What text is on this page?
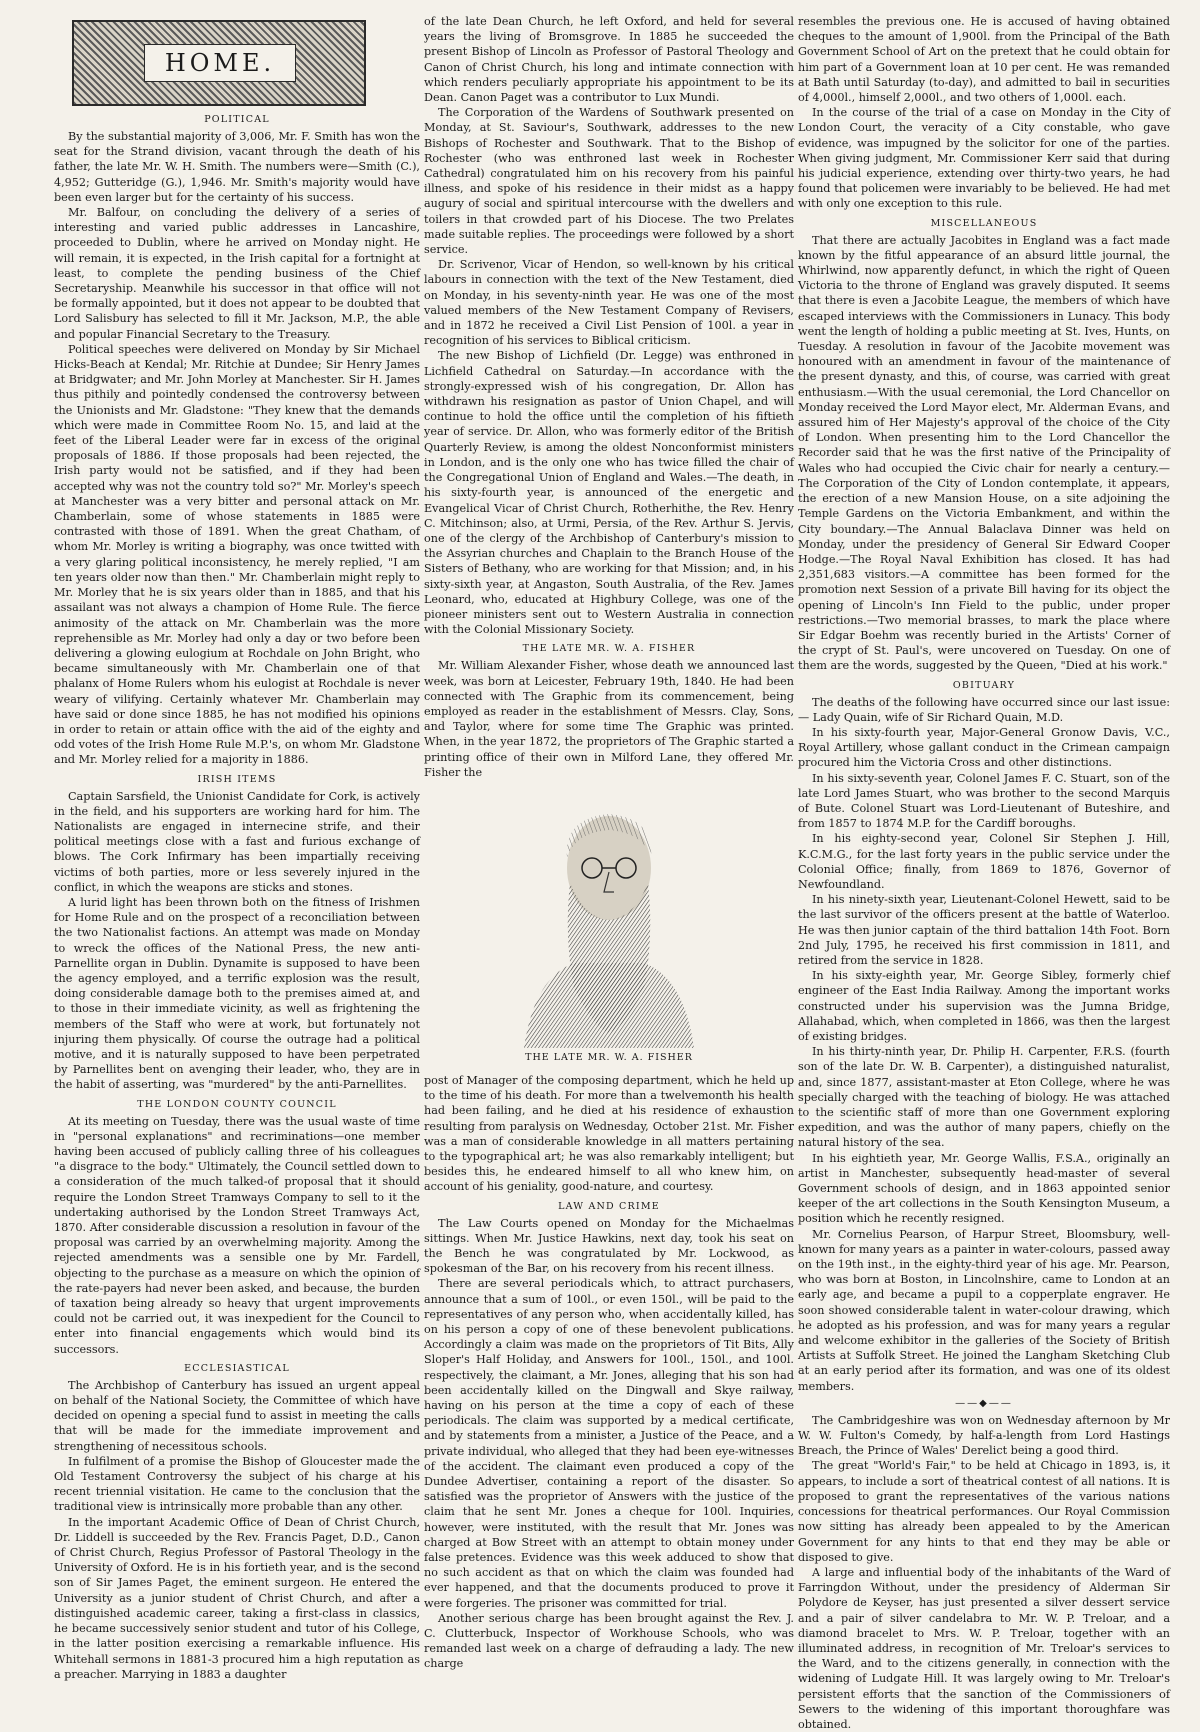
HOME.
POLITICAL

By the substantial majority of 3,006, Mr. F. Smith has won the seat for the Strand division, vacant through the death of his father, the late Mr. W. H. Smith. The numbers were—Smith (C.), 4,952; Gutteridge (G.), 1,946. Mr. Smith's majority would have been even larger but for the certainty of his success.

Mr. Balfour, on concluding the delivery of a series of interesting and varied public addresses in Lancashire, proceeded to Dublin, where he arrived on Monday night. He will remain, it is expected, in the Irish capital for a fortnight at least, to complete the pending business of the Chief Secretaryship. Meanwhile his successor in that office will not be formally appointed, but it does not appear to be doubted that Lord Salisbury has selected to fill it Mr. Jackson, M.P., the able and popular Financial Secretary to the Treasury.

Political speeches were delivered on Monday by Sir Michael Hicks-Beach at Kendal; Mr. Ritchie at Dundee; Sir Henry James at Bridgwater; and Mr. John Morley at Manchester. Sir H. James thus pithily and pointedly condensed the controversy between the Unionists and Mr. Gladstone: "They knew that the demands which were made in Committee Room No. 15, and laid at the feet of the Liberal Leader were far in excess of the original proposals of 1886. If those proposals had been rejected, the Irish party would not be satisfied, and if they had been accepted why was not the country told so?" Mr. Morley's speech at Manchester was a very bitter and personal attack on Mr. Chamberlain, some of whose statements in 1885 were contrasted with those of 1891. When the great Chatham, of whom Mr. Morley is writing a biography, was once twitted with a very glaring political inconsistency, he merely replied, "I am ten years older now than then." Mr. Chamberlain might reply to Mr. Morley that he is six years older than in 1885, and that his assailant was not always a champion of Home Rule. The fierce animosity of the attack on Mr. Chamberlain was the more reprehensible as Mr. Morley had only a day or two before been delivering a glowing eulogium at Rochdale on John Bright, who became simultaneously with Mr. Chamberlain one of that phalanx of Home Rulers whom his eulogist at Rochdale is never weary of vilifying. Certainly whatever Mr. Chamberlain may have said or done since 1885, he has not modified his opinions in order to retain or attain office with the aid of the eighty and odd votes of the Irish Home Rule M.P.'s, on whom Mr. Gladstone and Mr. Morley relied for a majority in 1886.

IRISH ITEMS

Captain Sarsfield, the Unionist Candidate for Cork, is actively in the field, and his supporters are working hard for him. The Nationalists are engaged in internecine strife, and their political meetings close with a fast and furious exchange of blows. The Cork Infirmary has been impartially receiving victims of both parties, more or less severely injured in the conflict, in which the weapons are sticks and stones.

A lurid light has been thrown both on the fitness of Irishmen for Home Rule and on the prospect of a reconciliation between the two Nationalist factions. An attempt was made on Monday to wreck the offices of the National Press, the new anti-Parnellite organ in Dublin. Dynamite is supposed to have been the agency employed, and a terrific explosion was the result, doing considerable damage both to the premises aimed at, and to those in their immediate vicinity, as well as frightening the members of the Staff who were at work, but fortunately not injuring them physically. Of course the outrage had a political motive, and it is naturally supposed to have been perpetrated by Parnellites bent on avenging their leader, who, they are in the habit of asserting, was "murdered" by the anti-Parnellites.

THE LONDON COUNTY COUNCIL

At its meeting on Tuesday, there was the usual waste of time in "personal explanations" and recriminations—one member having been accused of publicly calling three of his colleagues "a disgrace to the body." Ultimately, the Council settled down to a consideration of the much talked-of proposal that it should require the London Street Tramways Company to sell to it the undertaking authorised by the London Street Tramways Act, 1870. After considerable discussion a resolution in favour of the proposal was carried by an overwhelming majority. Among the rejected amendments was a sensible one by Mr. Fardell, objecting to the purchase as a measure on which the opinion of the rate-payers had never been asked, and because, the burden of taxation being already so heavy that urgent improvements could not be carried out, it was inexpedient for the Council to enter into financial engagements which would bind its successors.

ECCLESIASTICAL

The Archbishop of Canterbury has issued an urgent appeal on behalf of the National Society, the Committee of which have decided on opening a special fund to assist in meeting the calls that will be made for the immediate improvement and strengthening of necessitous schools.

In fulfilment of a promise the Bishop of Gloucester made the Old Testament Controversy the subject of his charge at his recent triennial visitation. He came to the conclusion that the traditional view is intrinsically more probable than any other.

In the important Academic Office of Dean of Christ Church, Dr. Liddell is succeeded by the Rev. Francis Paget, D.D., Canon of Christ Church, Regius Professor of Pastoral Theology in the University of Oxford. He is in his fortieth year, and is the second son of Sir James Paget, the eminent surgeon. He entered the University as a junior student of Christ Church, and after a distinguished academic career, taking a first-class in classics, he became successively senior student and tutor of his College, in the latter position exercising a remarkable influence. His Whitehall sermons in 1881-3 procured him a high reputation as a preacher. Marrying in 1883 a daughter

of the late Dean Church, he left Oxford, and held for several years the living of Bromsgrove. In 1885 he succeeded the present Bishop of Lincoln as Professor of Pastoral Theology and Canon of Christ Church, his long and intimate connection with which renders peculiarly appropriate his appointment to be its Dean. Canon Paget was a contributor to Lux Mundi.

The Corporation of the Wardens of Southwark presented on Monday, at St. Saviour's, Southwark, addresses to the new Bishops of Rochester and Southwark. That to the Bishop of Rochester (who was enthroned last week in Rochester Cathedral) congratulated him on his recovery from his painful illness, and spoke of his residence in their midst as a happy augury of social and spiritual intercourse with the dwellers and toilers in that crowded part of his Diocese. The two Prelates made suitable replies. The proceedings were followed by a short service.

Dr. Scrivenor, Vicar of Hendon, so well-known by his critical labours in connection with the text of the New Testament, died on Monday, in his seventy-ninth year. He was one of the most valued members of the New Testament Company of Revisers, and in 1872 he received a Civil List Pension of 100l. a year in recognition of his services to Biblical criticism.

The new Bishop of Lichfield (Dr. Legge) was enthroned in Lichfield Cathedral on Saturday.—In accordance with the strongly-expressed wish of his congregation, Dr. Allon has withdrawn his resignation as pastor of Union Chapel, and will continue to hold the office until the completion of his fiftieth year of service. Dr. Allon, who was formerly editor of the British Quarterly Review, is among the oldest Nonconformist ministers in London, and is the only one who has twice filled the chair of the Congregational Union of England and Wales.—The death, in his sixty-fourth year, is announced of the energetic and Evangelical Vicar of Christ Church, Rotherhithe, the Rev. Henry C. Mitchinson; also, at Urmi, Persia, of the Rev. Arthur S. Jervis, one of the clergy of the Archbishop of Canterbury's mission to the Assyrian churches and Chaplain to the Branch House of the Sisters of Bethany, who are working for that Mission; and, in his sixty-sixth year, at Angaston, South Australia, of the Rev. James Leonard, who, educated at Highbury College, was one of the pioneer ministers sent out to Western Australia in connection with the Colonial Missionary Society.

THE LATE MR. W. A. FISHER

Mr. William Alexander Fisher, whose death we announced last week, was born at Leicester, February 19th, 1840. He had been connected with The Graphic from its commencement, being employed as reader in the establishment of Messrs. Clay, Sons, and Taylor, where for some time The Graphic was printed. When, in the year 1872, the proprietors of The Graphic started a printing office of their own in Milford Lane, they offered Mr. Fisher the

THE LATE MR. W. A. FISHER

post of Manager of the composing department, which he held up to the time of his death. For more than a twelvemonth his health had been failing, and he died at his residence of exhaustion resulting from paralysis on Wednesday, October 21st. Mr. Fisher was a man of considerable knowledge in all matters pertaining to the typographical art; he was also remarkably intelligent; but besides this, he endeared himself to all who knew him, on account of his geniality, good-nature, and courtesy.

LAW AND CRIME

The Law Courts opened on Monday for the Michaelmas sittings. When Mr. Justice Hawkins, next day, took his seat on the Bench he was congratulated by Mr. Lockwood, as spokesman of the Bar, on his recovery from his recent illness.

There are several periodicals which, to attract purchasers, announce that a sum of 100l., or even 150l., will be paid to the representatives of any person who, when accidentally killed, has on his person a copy of one of these benevolent publications. Accordingly a claim was made on the proprietors of Tit Bits, Ally Sloper's Half Holiday, and Answers for 100l., 150l., and 100l. respectively, the claimant, a Mr. Jones, alleging that his son had been accidentally killed on the Dingwall and Skye railway, having on his person at the time a copy of each of these periodicals. The claim was supported by a medical certificate, and by statements from a minister, a Justice of the Peace, and a private individual, who alleged that they had been eye-witnesses of the accident. The claimant even produced a copy of the Dundee Advertiser, containing a report of the disaster. So satisfied was the proprietor of Answers with the justice of the claim that he sent Mr. Jones a cheque for 100l. Inquiries, however, were instituted, with the result that Mr. Jones was charged at Bow Street with an attempt to obtain money under false pretences. Evidence was this week adduced to show that no such accident as that on which the claim was founded had ever happened, and that the documents produced to prove it were forgeries. The prisoner was committed for trial.

Another serious charge has been brought against the Rev. J. C. Clutterbuck, Inspector of Workhouse Schools, who was remanded last week on a charge of defrauding a lady. The new charge

resembles the previous one. He is accused of having obtained cheques to the amount of 1,900l. from the Principal of the Bath Government School of Art on the pretext that he could obtain for him part of a Government loan at 10 per cent. He was remanded at Bath until Saturday (to-day), and admitted to bail in securities of 4,000l., himself 2,000l., and two others of 1,000l. each.

In the course of the trial of a case on Monday in the City of London Court, the veracity of a City constable, who gave evidence, was impugned by the solicitor for one of the parties. When giving judgment, Mr. Commissioner Kerr said that during his judicial experience, extending over thirty-two years, he had found that policemen were invariably to be believed. He had met with only one exception to this rule.

MISCELLANEOUS

That there are actually Jacobites in England was a fact made known by the fitful appearance of an absurd little journal, the Whirlwind, now apparently defunct, in which the right of Queen Victoria to the throne of England was gravely disputed. It seems that there is even a Jacobite League, the members of which have escaped interviews with the Commissioners in Lunacy. This body went the length of holding a public meeting at St. Ives, Hunts, on Tuesday. A resolution in favour of the Jacobite movement was honoured with an amendment in favour of the maintenance of the present dynasty, and this, of course, was carried with great enthusiasm.—With the usual ceremonial, the Lord Chancellor on Monday received the Lord Mayor elect, Mr. Alderman Evans, and assured him of Her Majesty's approval of the choice of the City of London. When presenting him to the Lord Chancellor the Recorder said that he was the first native of the Principality of Wales who had occupied the Civic chair for nearly a century.—The Corporation of the City of London contemplate, it appears, the erection of a new Mansion House, on a site adjoining the Temple Gardens on the Victoria Embankment, and within the City boundary.—The Annual Balaclava Dinner was held on Monday, under the presidency of General Sir Edward Cooper Hodge.—The Royal Naval Exhibition has closed. It has had 2,351,683 visitors.—A committee has been formed for the promotion next Session of a private Bill having for its object the opening of Lincoln's Inn Field to the public, under proper restrictions.—Two memorial brasses, to mark the place where Sir Edgar Boehm was recently buried in the Artists' Corner of the crypt of St. Paul's, were uncovered on Tuesday. On one of them are the words, suggested by the Queen, "Died at his work."

OBITUARY

The deaths of the following have occurred since our last issue:— Lady Quain, wife of Sir Richard Quain, M.D.

In his sixty-fourth year, Major-General Gronow Davis, V.C., Royal Artillery, whose gallant conduct in the Crimean campaign procured him the Victoria Cross and other distinctions.

In his sixty-seventh year, Colonel James F. C. Stuart, son of the late Lord James Stuart, who was brother to the second Marquis of Bute. Colonel Stuart was Lord-Lieutenant of Buteshire, and from 1857 to 1874 M.P. for the Cardiff boroughs.

In his eighty-second year, Colonel Sir Stephen J. Hill, K.C.M.G., for the last forty years in the public service under the Colonial Office; finally, from 1869 to 1876, Governor of Newfoundland.

In his ninety-sixth year, Lieutenant-Colonel Hewett, said to be the last survivor of the officers present at the battle of Waterloo. He was then junior captain of the third battalion 14th Foot. Born 2nd July, 1795, he received his first commission in 1811, and retired from the service in 1828.

In his sixty-eighth year, Mr. George Sibley, formerly chief engineer of the East India Railway. Among the important works constructed under his supervision was the Jumna Bridge, Allahabad, which, when completed in 1866, was then the largest of existing bridges.

In his thirty-ninth year, Dr. Philip H. Carpenter, F.R.S. (fourth son of the late Dr. W. B. Carpenter), a distinguished naturalist, and, since 1877, assistant-master at Eton College, where he was specially charged with the teaching of biology. He was attached to the scientific staff of more than one Government exploring expedition, and was the author of many papers, chiefly on the natural history of the sea.

In his eightieth year, Mr. George Wallis, F.S.A., originally an artist in Manchester, subsequently head-master of several Government schools of design, and in 1863 appointed senior keeper of the art collections in the South Kensington Museum, a position which he recently resigned.

Mr. Cornelius Pearson, of Harpur Street, Bloomsbury, well-known for many years as a painter in water-colours, passed away on the 19th inst., in the eighty-third year of his age. Mr. Pearson, who was born at Boston, in Lincolnshire, came to London at an early age, and became a pupil to a copperplate engraver. He soon showed considerable talent in water-colour drawing, which he adopted as his profession, and was for many years a regular and welcome exhibitor in the galleries of the Society of British Artists at Suffolk Street. He joined the Langham Sketching Club at an early period after its formation, and was one of its oldest members.

——◆——

The Cambridgeshire was won on Wednesday afternoon by Mr W. W. Fulton's Comedy, by half-a-length from Lord Hastings Breach, the Prince of Wales' Derelict being a good third.

The great "World's Fair," to be held at Chicago in 1893, is, it appears, to include a sort of theatrical contest of all nations. It is proposed to grant the representatives of the various nations concessions for theatrical performances. Our Royal Commission now sitting has already been appealed to by the American Government for any hints to that end they may be able or disposed to give.

A large and influential body of the inhabitants of the Ward of Farringdon Without, under the presidency of Alderman Sir Polydore de Keyser, has just presented a silver dessert service and a pair of silver candelabra to Mr. W. P. Treloar, and a diamond bracelet to Mrs. W. P. Treloar, together with an illuminated address, in recognition of Mr. Treloar's services to the Ward, and to the citizens generally, in connection with the widening of Ludgate Hill. It was largely owing to Mr. Treloar's persistent efforts that the sanction of the Commissioners of Sewers to the widening of this important thoroughfare was obtained.
